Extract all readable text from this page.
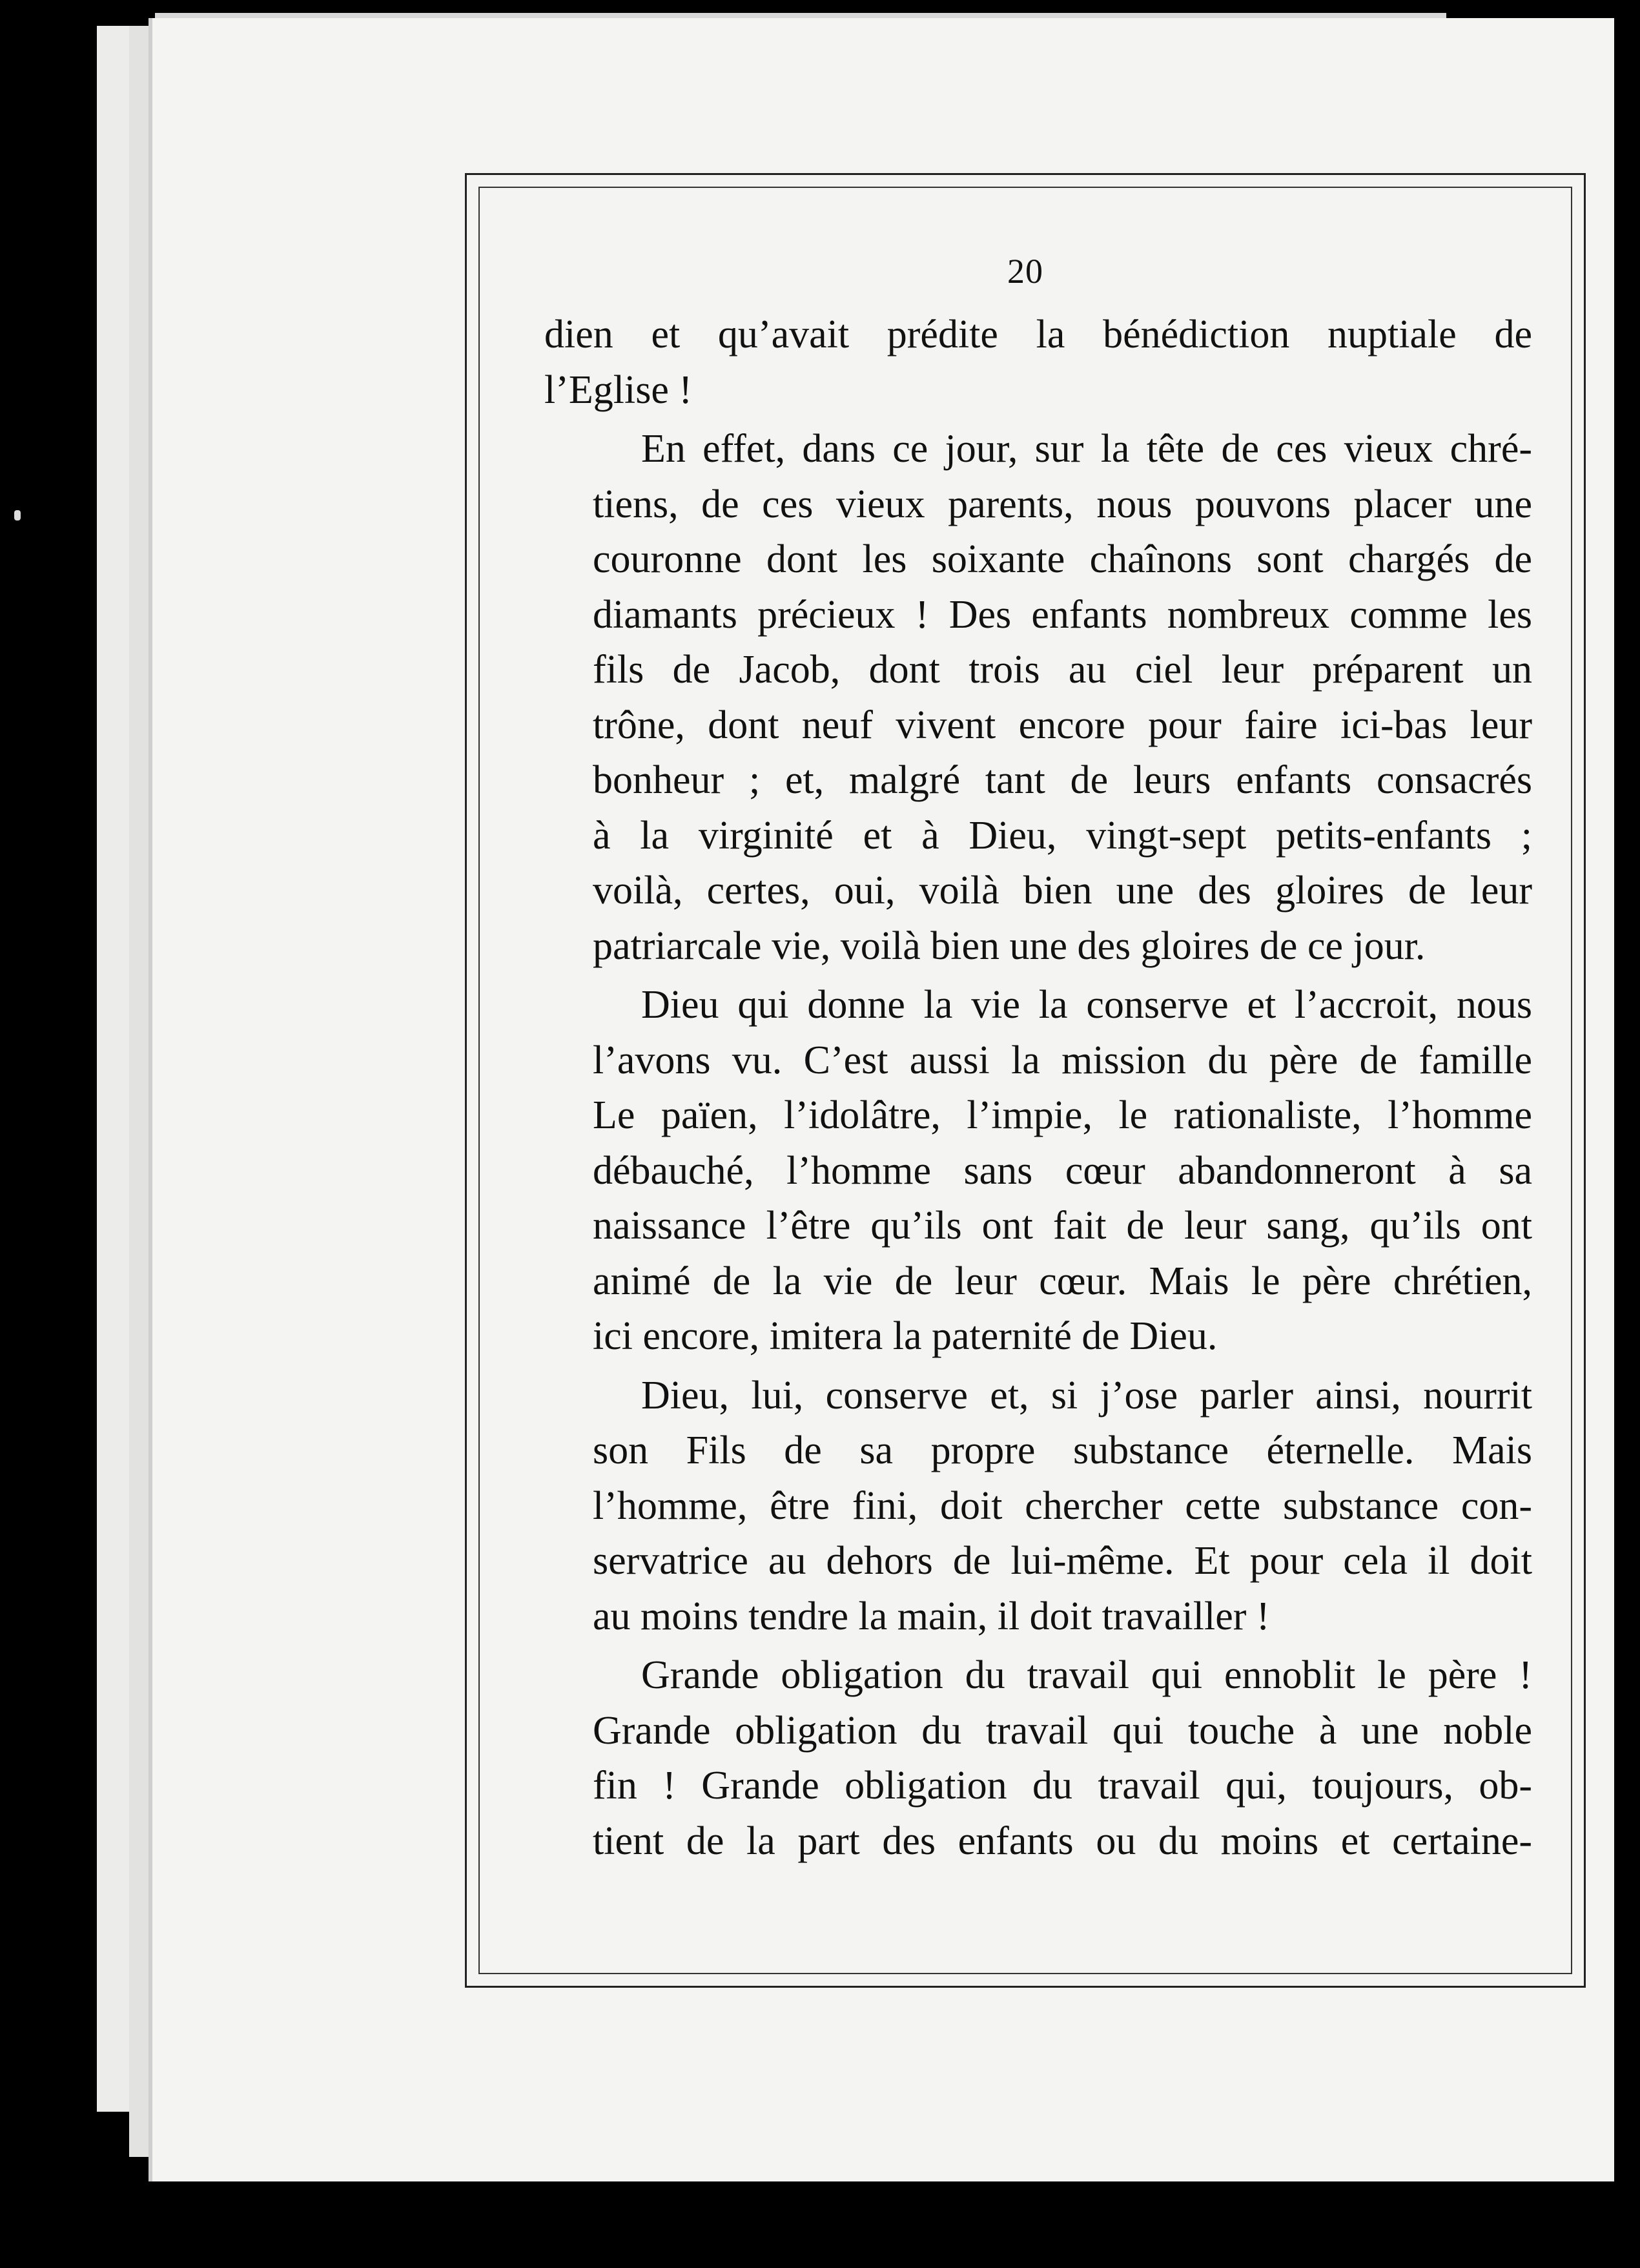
20
dien et qu’avait prédite la bénédiction nuptiale de
l’Eglise !
En effet, dans ce jour, sur la tête de ces vieux chré-
tiens, de ces vieux parents, nous pouvons placer une
couronne dont les soixante chaînons sont chargés de
diamants précieux ! Des enfants nombreux comme les
fils de Jacob, dont trois au ciel leur préparent un
trône, dont neuf vivent encore pour faire ici-bas leur
bonheur ; et, malgré tant de leurs enfants consacrés
à la virginité et à Dieu, vingt-sept petits-enfants ;
voilà, certes, oui, voilà bien une des gloires de leur
patriarcale vie, voilà bien une des gloires de ce jour.
Dieu qui donne la vie la conserve et l’accroit, nous
l’avons vu. C’est aussi la mission du père de famille
Le païen, l’idolâtre, l’impie, le rationaliste, l’homme
débauché, l’homme sans cœur abandonneront à sa
naissance l’être qu’ils ont fait de leur sang, qu’ils ont
animé de la vie de leur cœur. Mais le père chrétien,
ici encore, imitera la paternité de Dieu.
Dieu, lui, conserve et, si j’ose parler ainsi, nourrit
son Fils de sa propre substance éternelle. Mais
l’homme, être fini, doit chercher cette substance con-
servatrice au dehors de lui-même. Et pour cela il doit
au moins tendre la main, il doit travailler !
Grande obligation du travail qui ennoblit le père !
Grande obligation du travail qui touche à une noble
fin ! Grande obligation du travail qui, toujours, ob-
tient de la part des enfants ou du moins et certaine-
